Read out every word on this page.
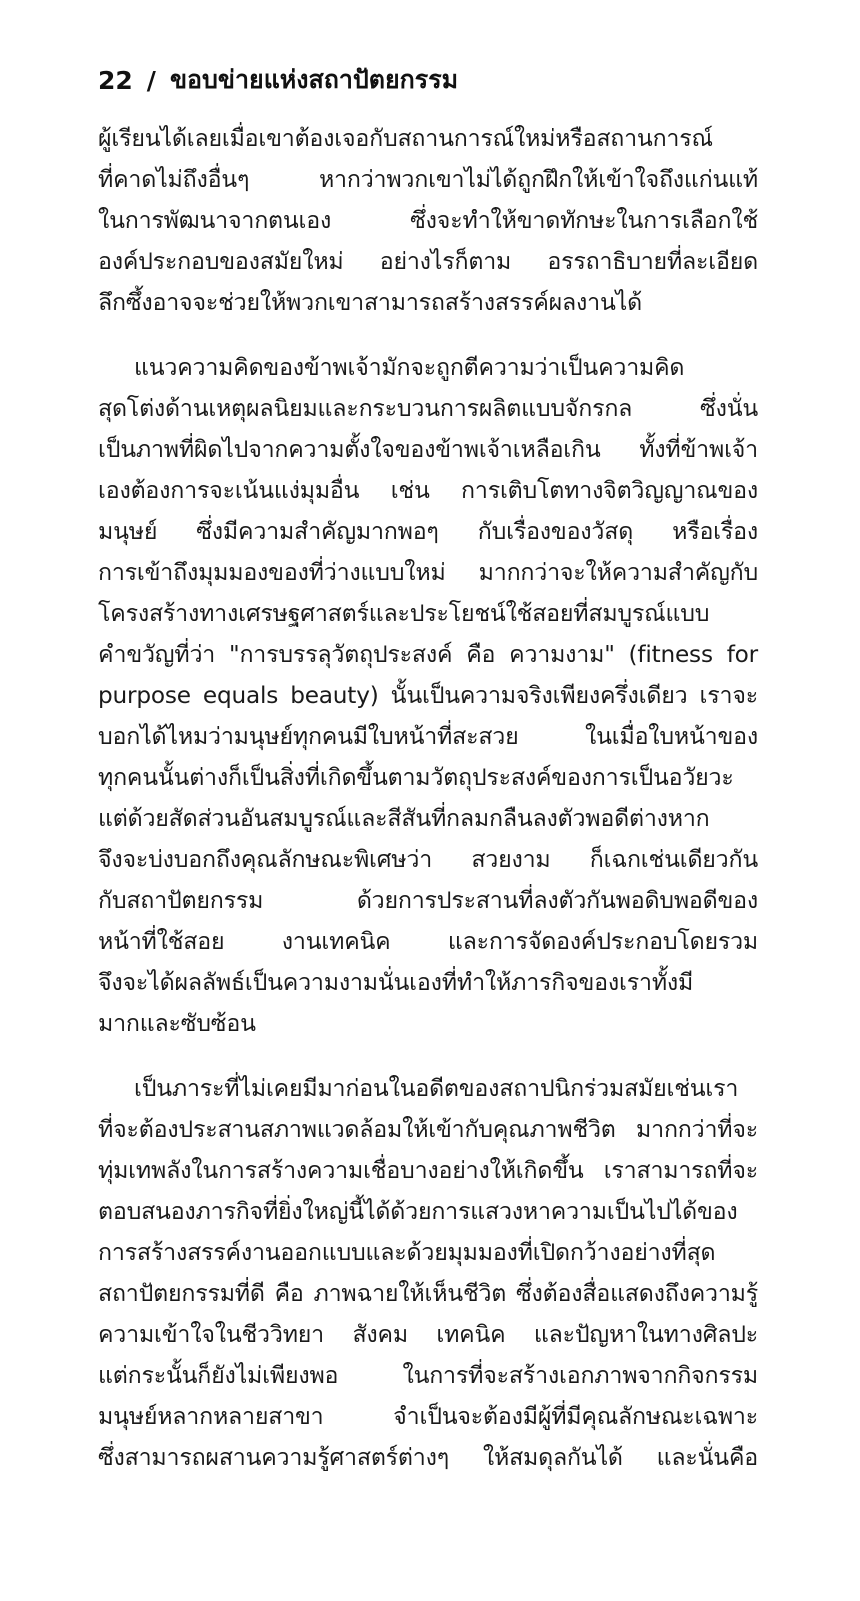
22 / ขอบข่ายแห่งสถาปัตยกรรม
ผู้เรียนได้เลยเมื่อเขาต้องเจอกับสถานการณ์ใหม่หรือสถานการณ์
ที่คาดไม่ถึงอื่นๆ หากว่าพวกเขาไม่ได้ถูกฝึกให้เข้าใจถึงแก่นแท้
ในการพัฒนาจากตนเอง ซึ่งจะทำให้ขาดทักษะในการเลือกใช้
องค์ประกอบของสมัยใหม่ อย่างไรก็ตาม อรรถาธิบายที่ละเอียด
ลึกซึ้งอาจจะช่วยให้พวกเขาสามารถสร้างสรรค์ผลงานได้
แนวความคิดของข้าพเจ้ามักจะถูกตีความว่าเป็นความคิด
สุดโต่งด้านเหตุผลนิยมและกระบวนการผลิตแบบจักรกล ซึ่งนั่น
เป็นภาพที่ผิดไปจากความตั้งใจของข้าพเจ้าเหลือเกิน ทั้งที่ข้าพเจ้า
เองต้องการจะเน้นแง่มุมอื่น เช่น การเติบโตทางจิตวิญญาณของ
มนุษย์ ซึ่งมีความสำคัญมากพอๆ กับเรื่องของวัสดุ หรือเรื่อง
การเข้าถึงมุมมองของที่ว่างแบบใหม่ มากกว่าจะให้ความสำคัญกับ
โครงสร้างทางเศรษฐศาสตร์และประโยชน์ใช้สอยที่สมบูรณ์แบบ
คำขวัญที่ว่า "การบรรลุวัตถุประสงค์ คือ ความงาม" (fitness for
purpose equals beauty) นั้นเป็นความจริงเพียงครึ่งเดียว เราจะ
บอกได้ไหมว่ามนุษย์ทุกคนมีใบหน้าที่สะสวย ในเมื่อใบหน้าของ
ทุกคนนั้นต่างก็เป็นสิ่งที่เกิดขึ้นตามวัตถุประสงค์ของการเป็นอวัยวะ
แต่ด้วยสัดส่วนอันสมบูรณ์และสีสันที่กลมกลืนลงตัวพอดีต่างหาก
จึงจะบ่งบอกถึงคุณลักษณะพิเศษว่า สวยงาม ก็เฉกเช่นเดียวกัน
กับสถาปัตยกรรม ด้วยการประสานที่ลงตัวกันพอดิบพอดีของ
หน้าที่ใช้สอย งานเทคนิค และการจัดองค์ประกอบโดยรวม
จึงจะได้ผลลัพธ์เป็นความงามนั่นเองที่ทำให้ภารกิจของเราทั้งมี
มากและซับซ้อน
เป็นภาระที่ไม่เคยมีมาก่อนในอดีตของสถาปนิกร่วมสมัยเช่นเรา
ที่จะต้องประสานสภาพแวดล้อมให้เข้ากับคุณภาพชีวิต มากกว่าที่จะ
ทุ่มเทพลังในการสร้างความเชื่อบางอย่างให้เกิดขึ้น เราสามารถที่จะ
ตอบสนองภารกิจที่ยิ่งใหญ่นี้ได้ด้วยการแสวงหาความเป็นไปได้ของ
การสร้างสรรค์งานออกแบบและด้วยมุมมองที่เปิดกว้างอย่างที่สุด
สถาปัตยกรรมที่ดี คือ ภาพฉายให้เห็นชีวิต ซึ่งต้องสื่อแสดงถึงความรู้
ความเข้าใจในชีววิทยา สังคม เทคนิค และปัญหาในทางศิลปะ
แต่กระนั้นก็ยังไม่เพียงพอ ในการที่จะสร้างเอกภาพจากกิจกรรม
มนุษย์หลากหลายสาขา จำเป็นจะต้องมีผู้ที่มีคุณลักษณะเฉพาะ
ซึ่งสามารถผสานความรู้ศาสตร์ต่างๆ ให้สมดุลกันได้ และนั่นคือ
